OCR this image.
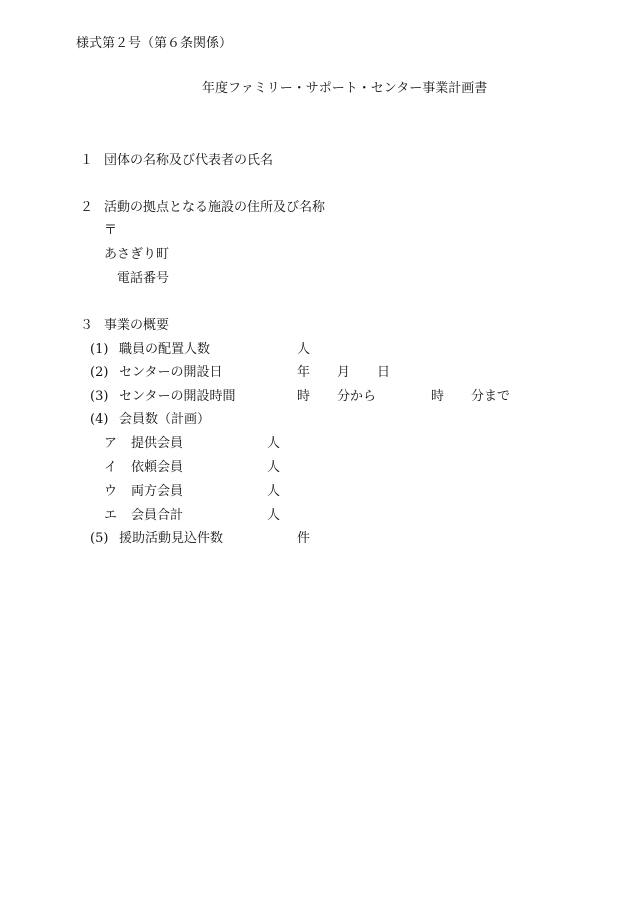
様式第２号（第６条関係）
年度ファミリー・サポート・センター事業計画書
１ 団体の名称及び代表者の氏名
２ 活動の拠点となる施設の住所及び名称
〒
あさぎり町
電話番号
３ 事業の概要
(1) 職員の配置人数	人
(2) センターの開設日	年 月 日
(3) センターの開設時間	時 分から	時 分まで
(4) 会員数（計画）
ア 提供会員	人
イ 依頼会員	人
ウ 両方会員	人
エ 会員合計	人
(5) 援助活動見込件数	件
